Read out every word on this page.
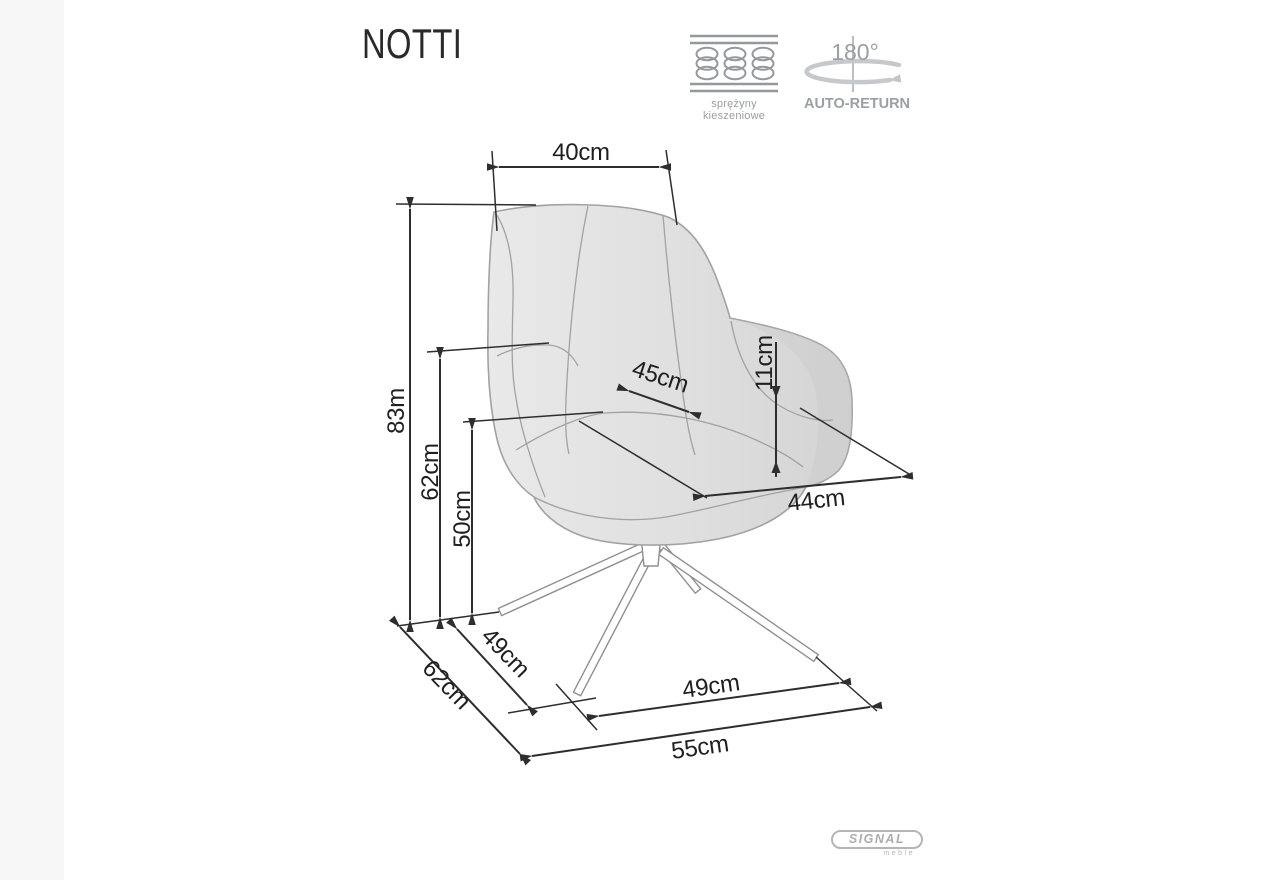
NOTTI
sprężyny kieszeniowe
180°
AUTO-RETURN
40cm
83m
62cm
50cm
45cm 11cm
44cm
49cm
62cm	49cm
55cm
SIGNAL
meble
